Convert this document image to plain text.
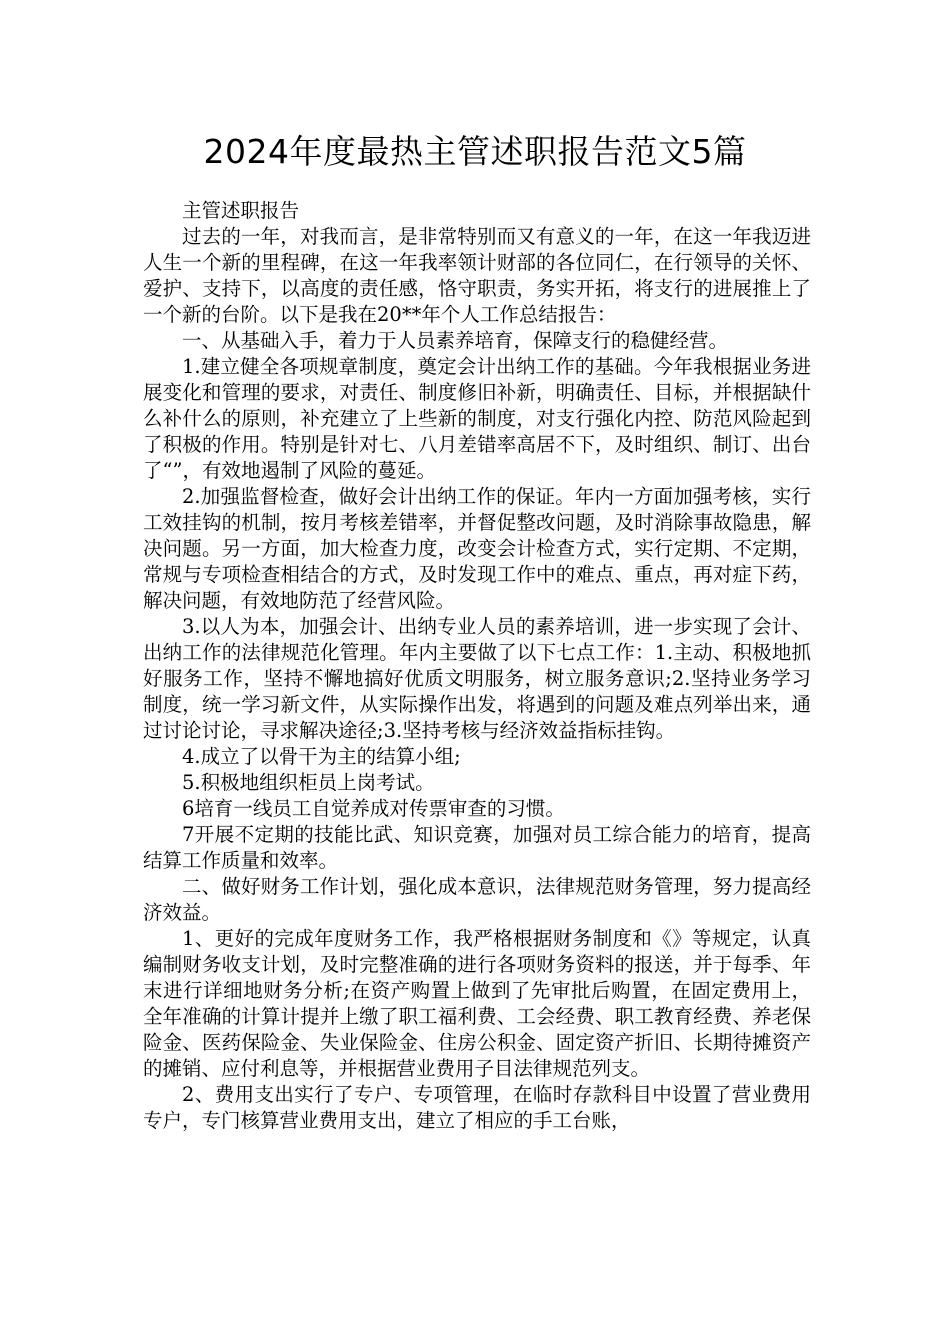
2024年度最热主管述职报告范文5篇

主管述职报告

过去的一年，对我而言，是非常特别而又有意义的一年，在这一年我迈进人生一个新的里程碑，在这一年我率领计财部的各位同仁，在行领导的关怀、爱护、支持下，以高度的责任感，恪守职责，务实开拓，将支行的进展推上了一个新的台阶。以下是我在20**年个人工作总结报告：

一、从基础入手，着力于人员素养培育，保障支行的稳健经营。

1.建立健全各项规章制度，奠定会计出纳工作的基础。今年我根据业务进展变化和管理的要求，对责任、制度修旧补新，明确责任、目标，并根据缺什么补什么的原则，补充建立了上些新的制度，对支行强化内控、防范风险起到了积极的作用。特别是针对七、八月差错率高居不下，及时组织、制订、出台了“”，有效地遏制了风险的蔓延。

2.加强监督检查，做好会计出纳工作的保证。年内一方面加强考核，实行工效挂钩的机制，按月考核差错率，并督促整改问题，及时消除事故隐患，解决问题。另一方面，加大检查力度，改变会计检查方式，实行定期、不定期，常规与专项检查相结合的方式，及时发现工作中的难点、重点，再对症下药，解决问题，有效地防范了经营风险。

3.以人为本，加强会计、出纳专业人员的素养培训，进一步实现了会计、出纳工作的法律规范化管理。年内主要做了以下七点工作：1.主动、积极地抓好服务工作，坚持不懈地搞好优质文明服务，树立服务意识;2.坚持业务学习制度，统一学习新文件，从实际操作出发，将遇到的问题及难点列举出来，通过讨论讨论，寻求解决途径;3.坚持考核与经济效益指标挂钩。

4.成立了以骨干为主的结算小组;

5.积极地组织柜员上岗考试。

6培育一线员工自觉养成对传票审查的习惯。

7开展不定期的技能比武、知识竞赛，加强对员工综合能力的培育，提高结算工作质量和效率。

二、做好财务工作计划，强化成本意识，法律规范财务管理，努力提高经济效益。

1、更好的完成年度财务工作，我严格根据财务制度和《》等规定，认真编制财务收支计划，及时完整准确的进行各项财务资料的报送，并于每季、年末进行详细地财务分析;在资产购置上做到了先审批后购置，在固定费用上，全年准确的计算计提并上缴了职工福利费、工会经费、职工教育经费、养老保险金、医药保险金、失业保险金、住房公积金、固定资产折旧、长期待摊资产的摊销、应付利息等，并根据营业费用子目法律规范列支。

2、费用支出实行了专户、专项管理，在临时存款科目中设置了营业费用专户，专门核算营业费用支出，建立了相应的手工台账，
